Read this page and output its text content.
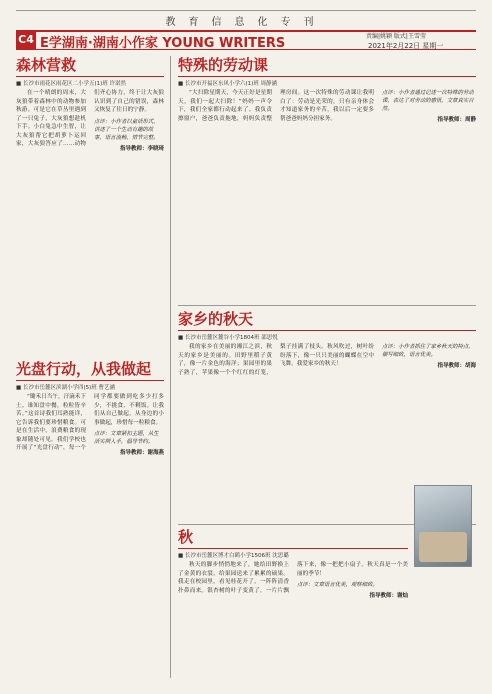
教育信息化专刊
C4 E学湖南·湖南小作家 YOUNG WRITERS	责编|姚颖 版式|王雪莹
2021年2月22日 星期一
森林营救
■ 长沙市雨花区雨花区二小学五(1)班 许诺然

在一个晴朗的周末，大灰狼带着森林中的动物参加秋游。可是它在草丛里遇到了一只兔子，大灰狼想趁机下手。小白兔急中生智，让大灰狼帮它把胡萝卜运回家，大灰狼答应了……动物们齐心协力，终于让大灰狼认识到了自己的错误，森林又恢复了往日的宁静。

点评：小作者以童话形式，讲述了一个生动有趣的故事，语言流畅，情节完整。

指导教师：李晓琦
光盘行动，从我做起
■ 长沙市岳麓区滨湖小学四(5)班 曹艺涵

“锄禾日当午，汗滴禾下土。谁知盘中餐，粒粒皆辛苦。”这首诗我们耳熟能详，它告诉我们要珍惜粮食。可是在生活中，浪费粮食的现象却随处可见。我们学校也开展了“光盘行动”，每一个同学都要做到吃多少打多少，不挑食、不剩饭。让我们从自己做起，从身边的小事做起，珍惜每一粒粮食。

点评：文章紧扣主题，从生活实例入手，倡导节约。

指导教师：谢海燕
特殊的劳动课
■ 长沙市开福区东风小学六(1)班 周静涵

“大扫除星期天，今天正好是星期天，我们一起大扫除！”妈妈一声令下，我们全家都行动起来了。我负责擦窗户，爸爸负责拖地，妈妈负责整理房间。这一次特殊的劳动课让我明白了：劳动是光荣的，只有亲身体会才知道家务的辛苦，我以后一定要多帮爸爸妈妈分担家务。

点评：小作者通过记述一次特殊的劳动课，表达了对劳动的感悟，文章真实自然。

指导教师：周静
家乡的秋天
■ 长沙市岳麓区麓谷小学1804班 邵思悦

我的家乡在美丽的湘江之滨，秋天的家乡是美丽的。田野里稻子黄了，像一片金色的海洋；果园里的果子熟了，苹果像一个个红红的灯笼，梨子挂满了枝头。秋风吹过，树叶纷纷落下，像一只只美丽的蝴蝶在空中飞舞。我爱家乡的秋天！

点评：小作者抓住了家乡秋天的特点，描写细致，语言优美。

指导教师：胡海
秋
■ 长沙市岳麓区博才白鹤小学1506班 沈思璐

秋天的脚步悄悄地来了，她给田野换上了金黄的衣裳，给果园送来了累累的硕果。我走在校园里，看见桂花开了，一阵阵清香扑鼻而来。银杏树的叶子变黄了，一片片飘落下来，像一把把小扇子。秋天真是一个美丽的季节！

点评：文章语言优美，观察细致。

指导教师：谢灿
